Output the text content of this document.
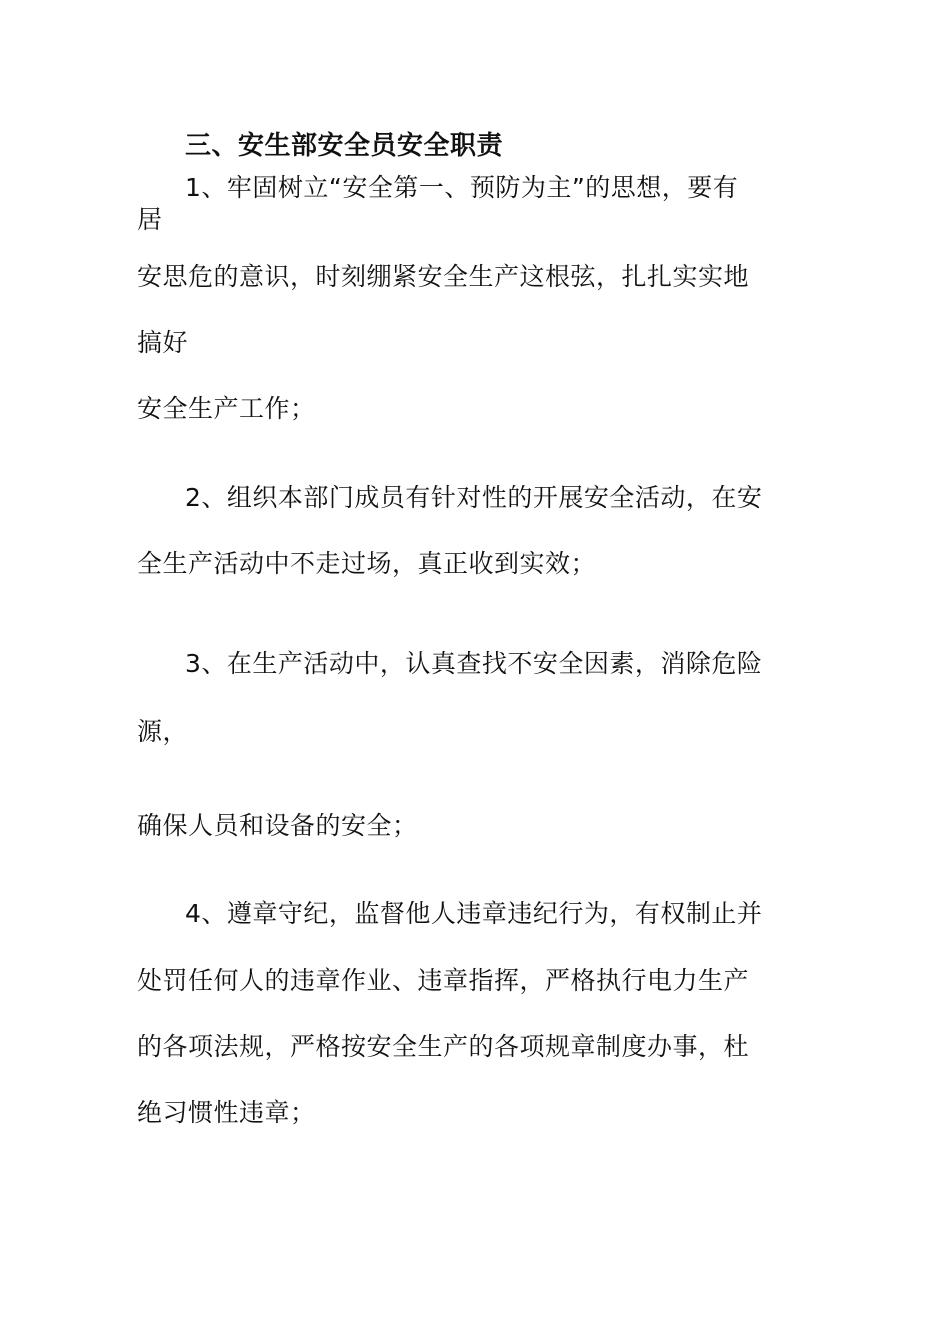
三、安生部安全员安全职责
1、牢固树立“安全第一、预防为主”的思想，要有
居
安思危的意识，时刻绷紧安全生产这根弦，扎扎实实地
搞好
安全生产工作；
2、组织本部门成员有针对性的开展安全活动，在安
全生产活动中不走过场，真正收到实效；
3、在生产活动中，认真查找不安全因素，消除危险
源，
确保人员和设备的安全；
4、遵章守纪，监督他人违章违纪行为，有权制止并
处罚任何人的违章作业、违章指挥，严格执行电力生产
的各项法规，严格按安全生产的各项规章制度办事，杜
绝习惯性违章；
